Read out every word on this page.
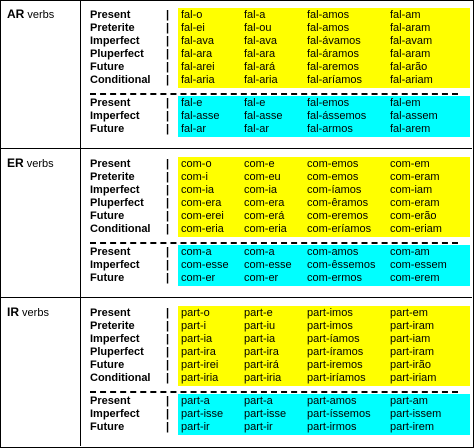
AR verbs	Present	| fal-o	fal-a	fal-amos	fal-am
Preterite	| fal-ei	fal-ou	fal-amos	fal-aram
Imperfect	| fal-ava	fal-ava	fal-ávamos	fal-avam
Pluperfect	| fal-ara	fal-ara	fal-áramos	fal-aram
Future	| fal-arei	fal-ará	fal-aremos	fal-arão
Conditional	| fal-aria	fal-aria	fal-aríamos	fal-ariam
Present	| fal-e	fal-e	fal-emos	fal-em
Imperfect	| fal-asse fal-asse fal-ássemos fal-assem
Future	| fal-ar	fal-ar	fal-armos	fal-arem
ER verbs	Present	| com-o	com-e	com-emos	com-em
Preterite	| com-i	com-eu com-emos	com-eram
Imperfect	| com-ia	com-ia	com-íamos	com-iam
Pluperfect	| com-era com-era com-êramos com-eram
Future	| com-erei com-erá com-eremos com-erão
Conditional	| com-eria com-eria com-eríamos com-eriam
Present	| com-a	com-a	com-amos	com-am
Imperfect	| com-esse com-esse com-êssemos com-essem
Future	| com-er	com-er	com-ermos	com-erem
IR verbs	Present	| part-o	part-e	part-imos	part-em
Preterite	| part-i	part-iu	part-imos	part-iram
Imperfect	| part-ia	part-ia	part-íamos	part-iam
Pluperfect	| part-ira	part-ira	part-íramos part-iram
Future	| part-irei part-irá	part-iremos part-irão
Conditional	| part-iria part-iria part-iríamos part-iriam
Present	| part-a	part-a	part-amos	part-am
Imperfect	| part-isse part-isse part-íssemos part-issem
Future	| part-ir	part-ir	part-irmos	part-irem
